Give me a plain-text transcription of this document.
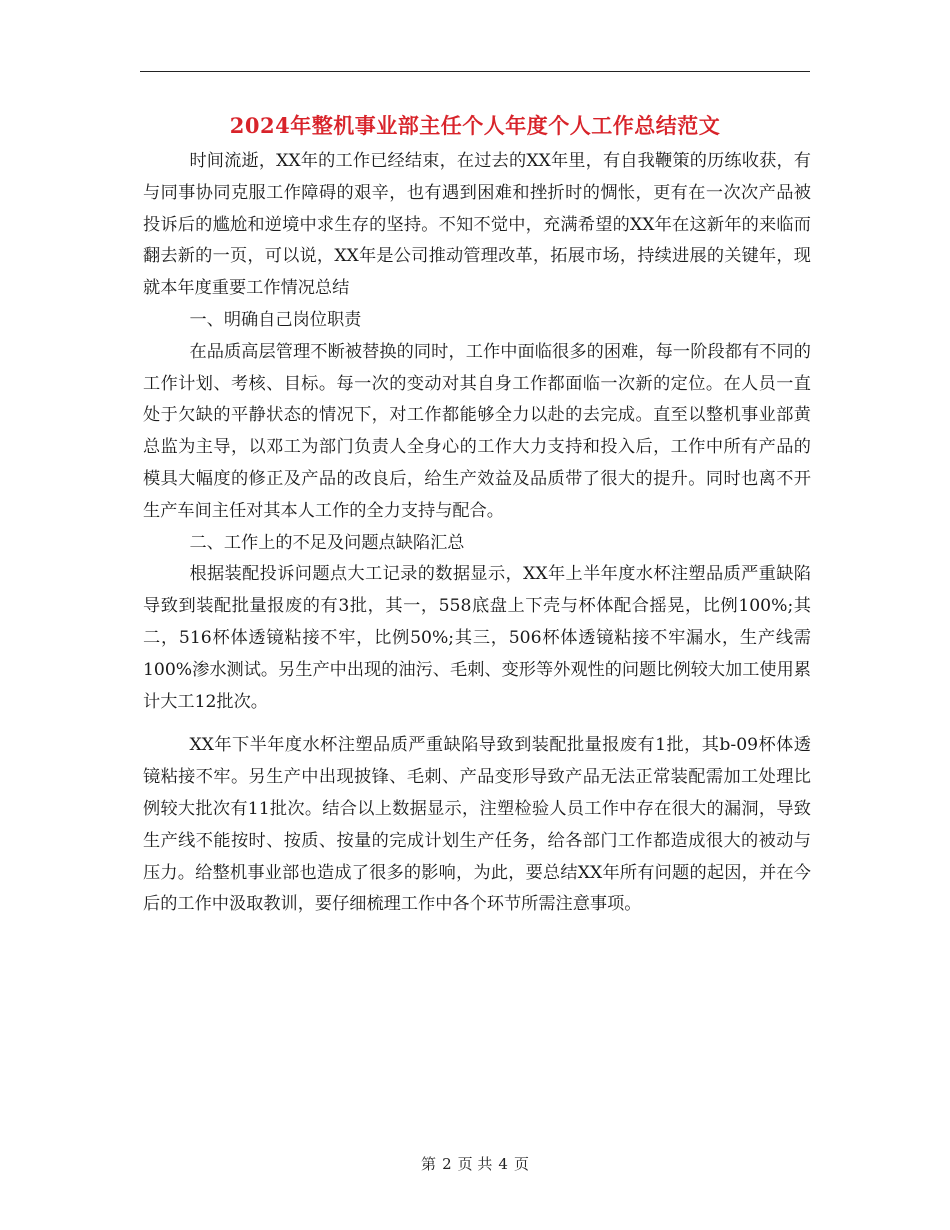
2024年整机事业部主任个人年度个人工作总结范文

时间流逝，XX年的工作已经结束，在过去的XX年里，有自我鞭策的历练收获，有与同事协同克服工作障碍的艰辛，也有遇到困难和挫折时的惆怅，更有在一次次产品被投诉后的尴尬和逆境中求生存的坚持。不知不觉中，充满希望的XX年在这新年的来临而翻去新的一页，可以说，XX年是公司推动管理改革，拓展市场，持续进展的关键年，现就本年度重要工作情况总结

一、明确自己岗位职责

在品质高层管理不断被替换的同时，工作中面临很多的困难，每一阶段都有不同的工作计划、考核、目标。每一次的变动对其自身工作都面临一次新的定位。在人员一直处于欠缺的平静状态的情况下，对工作都能够全力以赴的去完成。直至以整机事业部黄总监为主导，以邓工为部门负责人全身心的工作大力支持和投入后，工作中所有产品的模具大幅度的修正及产品的改良后，给生产效益及品质带了很大的提升。同时也离不开生产车间主任对其本人工作的全力支持与配合。

二、工作上的不足及问题点缺陷汇总

根据装配投诉问题点大工记录的数据显示，XX年上半年度水杯注塑品质严重缺陷导致到装配批量报废的有3批，其一，558底盘上下壳与杯体配合摇晃，比例100%;其二，516杯体透镜粘接不牢，比例50%;其三，506杯体透镜粘接不牢漏水，生产线需100%渗水测试。另生产中出现的油污、毛刺、变形等外观性的问题比例较大加工使用累计大工12批次。

XX年下半年度水杯注塑品质严重缺陷导致到装配批量报废有1批，其b-09杯体透镜粘接不牢。另生产中出现披锋、毛刺、产品变形导致产品无法正常装配需加工处理比例较大批次有11批次。结合以上数据显示，注塑检验人员工作中存在很大的漏洞，导致生产线不能按时、按质、按量的完成计划生产任务，给各部门工作都造成很大的被动与压力。给整机事业部也造成了很多的影响，为此，要总结XX年所有问题的起因，并在今后的工作中汲取教训，要仔细梳理工作中各个环节所需注意事项。

第 2 页 共 4 页
